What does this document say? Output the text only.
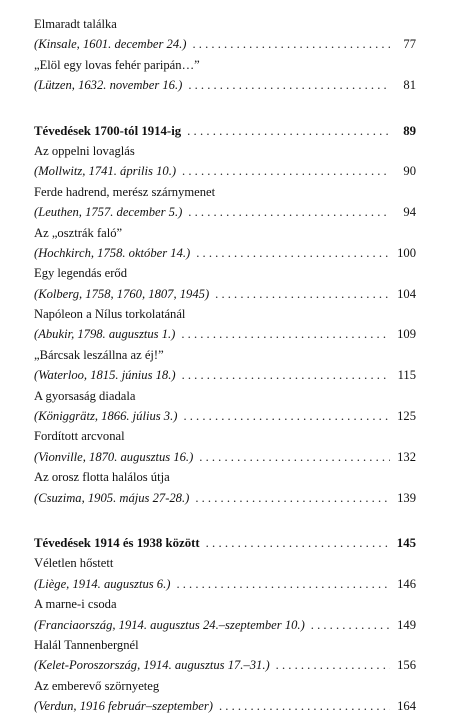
Elmaradt találka
(Kinsale, 1601. december 24.) . . .	77
„Elöl egy lovas fehér paripán…”
(Lützen, 1632. november 16.) . . .	81
Tévedések 1700-tól 1914-ig . . .	89
Az oppelni lovaglás
(Mollwitz, 1741. április 10.) . . .	90
Ferde hadrend, merész szárnymenet
(Leuthen, 1757. december 5.) . . .	94
Az „osztrák faló”
(Hochkirch, 1758. október 14.) . . .	100
Egy legendás erőd
(Kolberg, 1758, 1760, 1807, 1945) . . .	104
Napóleon a Nílus torkolatánál
(Abukir, 1798. augusztus 1.) . . .	109
„Bárcsak leszállna az éj!”
(Waterloo, 1815. június 18.) . . .	115
A gyorsaság diadala
(Königgrätz, 1866. július 3.) . . .	125
Fordított arcvonal
(Vionville, 1870. augusztus 16.) . . .	132
Az orosz flotta halálos útja
(Csuzima, 1905. május 27-28.) . . .	139
Tévedések 1914 és 1938 között . . .	145
Véletlen hőstett
(Liège, 1914. augusztus 6.) . . .	146
A marne-i csoda
(Franciaország, 1914. augusztus 24.–szeptember 10.) . . .	149
Halál Tannenbergnél
(Kelet-Poroszország, 1914. augusztus 17.–31.) . . .	156
Az emberevő szörnyeteg
(Verdun, 1916 február–szeptember) . . .	164
